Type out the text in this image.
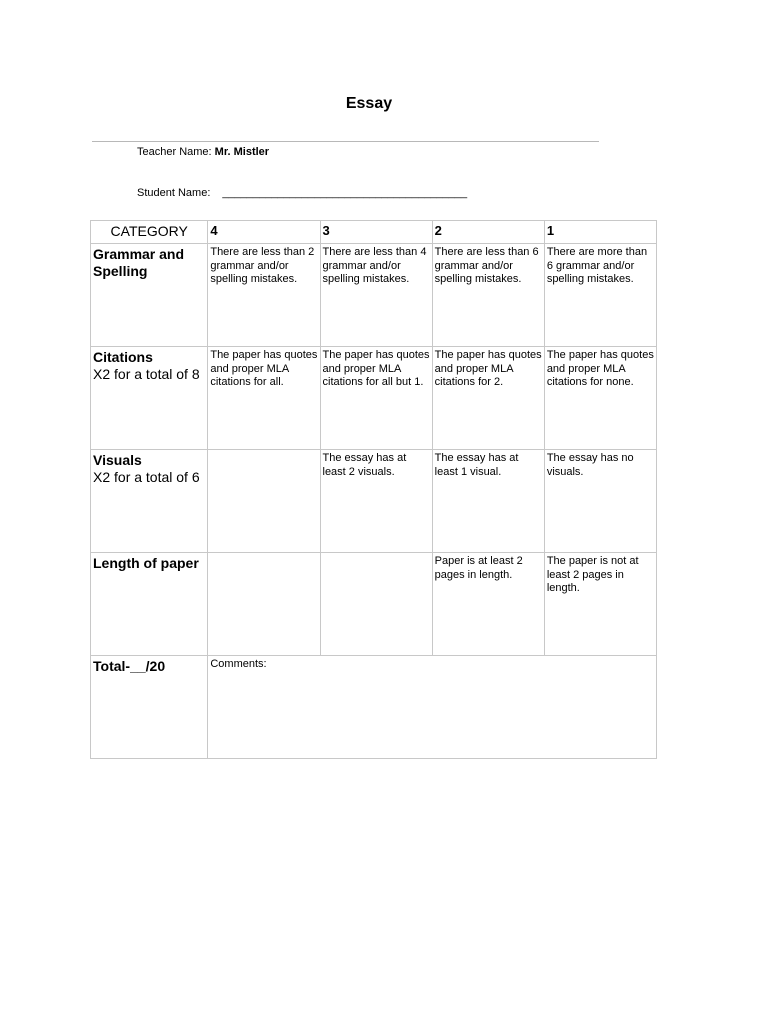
Essay
Teacher Name: Mr. Mistler
Student Name: ________________________________________
CATEGORY	4	3	2	1

Grammar and Spelling	There are less than 2 grammar and/or spelling mistakes.	There are less than 4 grammar and/or spelling mistakes.	There are less than 6 grammar and/or spelling mistakes.	There are more than 6 grammar and/or spelling mistakes.

Citations
X2 for a total of 8	The paper has quotes and proper MLA citations for all.	The paper has quotes and proper MLA citations for all but 1.	The paper has quotes and proper MLA citations for 2.	The paper has quotes and proper MLA citations for none.

Visuals
X2 for a total of 6		The essay has at least 2 visuals.	The essay has at least 1 visual.	The essay has no visuals.

Length of paper			Paper is at least 2 pages in length.	The paper is not at least 2 pages in length.

Total-__/20	Comments:			
